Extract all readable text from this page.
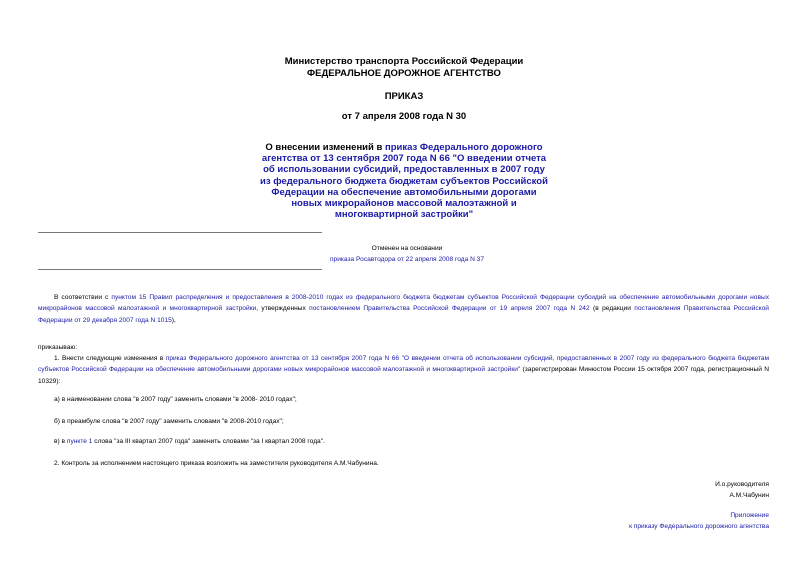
Министерство транспорта Российской Федерации
ФЕДЕРАЛЬНОЕ ДОРОЖНОЕ АГЕНТСТВО
ПРИКАЗ
от 7 апреля 2008 года N 30
О внесении изменений в приказ Федерального дорожного агентства от 13 сентября 2007 года N 66 "О введении отчета об использовании субсидий, предоставленных в 2007 году из федерального бюджета бюджетам субъектов Российской Федерации на обеспечение автомобильными дорогами новых микрорайонов массовой малоэтажной и многоквартирной застройки"
Отменен на основании
приказа Росавтодора от 22 апреля 2008 года N 37
В соответствии с пунктом 15 Правил распределения и предоставления в 2008-2010 годах из федерального бюджета бюджетам субъектов Российской Федерации субсидий на обеспечение автомобильными дорогами новых микрорайонов массовой малоэтажной и многоквартирной застройки, утвержденных постановлением Правительства Российской Федерации от 19 апреля 2007 года N 242 (в редакции постановления Правительства Российской Федерации от 29 декабря 2007 года N 1015),
приказываю:
1. Внести следующие изменения в приказ Федерального дорожного агентства от 13 сентября 2007 года N 66 "О введении отчета об использовании субсидий, предоставленных в 2007 году из федерального бюджета бюджетам субъектов Российской Федерации на обеспечение автомобильными дорогами новых микрорайонов массовой малоэтажной и многоквартирной застройки" (зарегистрирован Минюстом России 15 октября 2007 года, регистрационный N 10329):
а) в наименовании слова "в 2007 году" заменить словами "в 2008- 2010 годах";
б) в преамбуле слова "в 2007 году" заменить словами "в 2008-2010 годах";
в) в пункте 1 слова "за III квартал 2007 года" заменить словами "за I квартал 2008 года".
2. Контроль за исполнением настоящего приказа возложить на заместителя руководителя А.М.Чабунина.
И.о.руководителя
А.М.Чабунин
Приложение
к приказу Федерального дорожного агентства
